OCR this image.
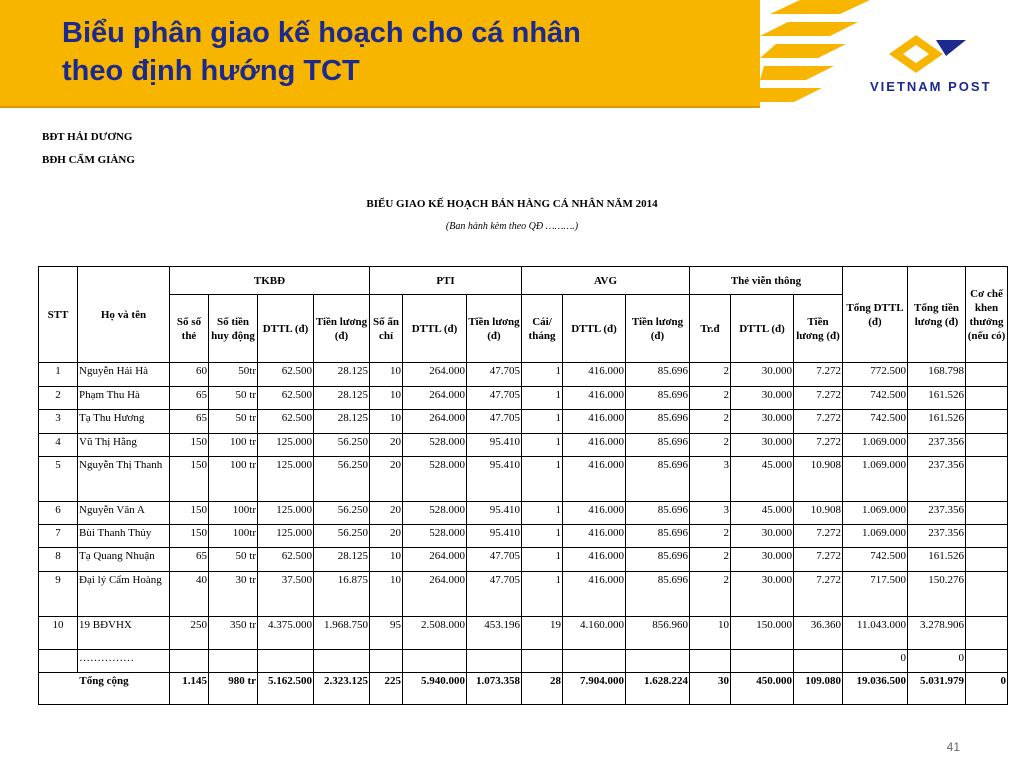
Biểu phân giao kế hoạch cho cá nhân
theo định hướng TCT	VIETNAM POST
BĐT HẢI DƯƠNG
BĐH CẨM GIÀNG
BIỂU GIAO KẾ HOẠCH BÁN HÀNG CÁ NHÂN NĂM 2014
(Ban hành kèm theo QĐ ……….)
STT	Họ và tên	TKBĐ				PTI			AVG			Thẻ viễn thông			Tổng DTTL (đ)	Tổng tiền lương (đ)	Cơ chế khen thưởng (nếu có)
		Số sổ thẻ	Số tiền huy động	DTTL (đ)	Tiền lương (đ)	Số ấn chỉ	DTTL (đ)	Tiền lương (đ)	Cái/ tháng	DTTL (đ)	Tiền lương (đ)	Tr.đ	DTTL (đ)	Tiền lương (đ)			
1	Nguyễn Hải Hà	60	50tr	62.500	28.125	10	264.000	47.705	1	416.000	85.696	2	30.000	7.272	772.500	168.798	
2	Phạm Thu Hà	65	50 tr	62.500	28.125	10	264.000	47.705	1	416.000	85.696	2	30.000	7.272	742.500	161.526	
3	Tạ Thu Hương	65	50 tr	62.500	28.125	10	264.000	47.705	1	416.000	85.696	2	30.000	7.272	742.500	161.526	
4	Vũ Thị Hằng	150	100 tr	125.000	56.250	20	528.000	95.410	1	416.000	85.696	2	30.000	7.272	1.069.000	237.356	
5	Nguyễn Thị Thanh	150	100 tr	125.000	56.250	20	528.000	95.410	1	416.000	85.696	3	45.000	10.908	1.069.000	237.356	
6	Nguyễn Văn A	150	100tr	125.000	56.250	20	528.000	95.410	1	416.000	85.696	3	45.000	10.908	1.069.000	237.356	
7	Bùi Thanh Thủy	150	100tr	125.000	56.250	20	528.000	95.410	1	416.000	85.696	2	30.000	7.272	1.069.000	237.356	
8	Tạ Quang Nhuận	65	50 tr	62.500	28.125	10	264.000	47.705	1	416.000	85.696	2	30.000	7.272	742.500	161.526	
9	Đại lý Cẩm Hoàng	40	30 tr	37.500	16.875	10	264.000	47.705	1	416.000	85.696	2	30.000	7.272	717.500	150.276	
10	19 BĐVHX	250	350 tr	4.375.000	1.968.750	95	2.508.000	453.196	19	4.160.000	856.960	10	150.000	36.360	11.043.000	3.278.906	
	……………														0	0	
Tổng cộng		1.145	980 tr	5.162.500	2.323.125	225	5.940.000	1.073.358	28	7.904.000	1.628.224	30	450.000	109.080	19.036.500	5.031.979	0
41
